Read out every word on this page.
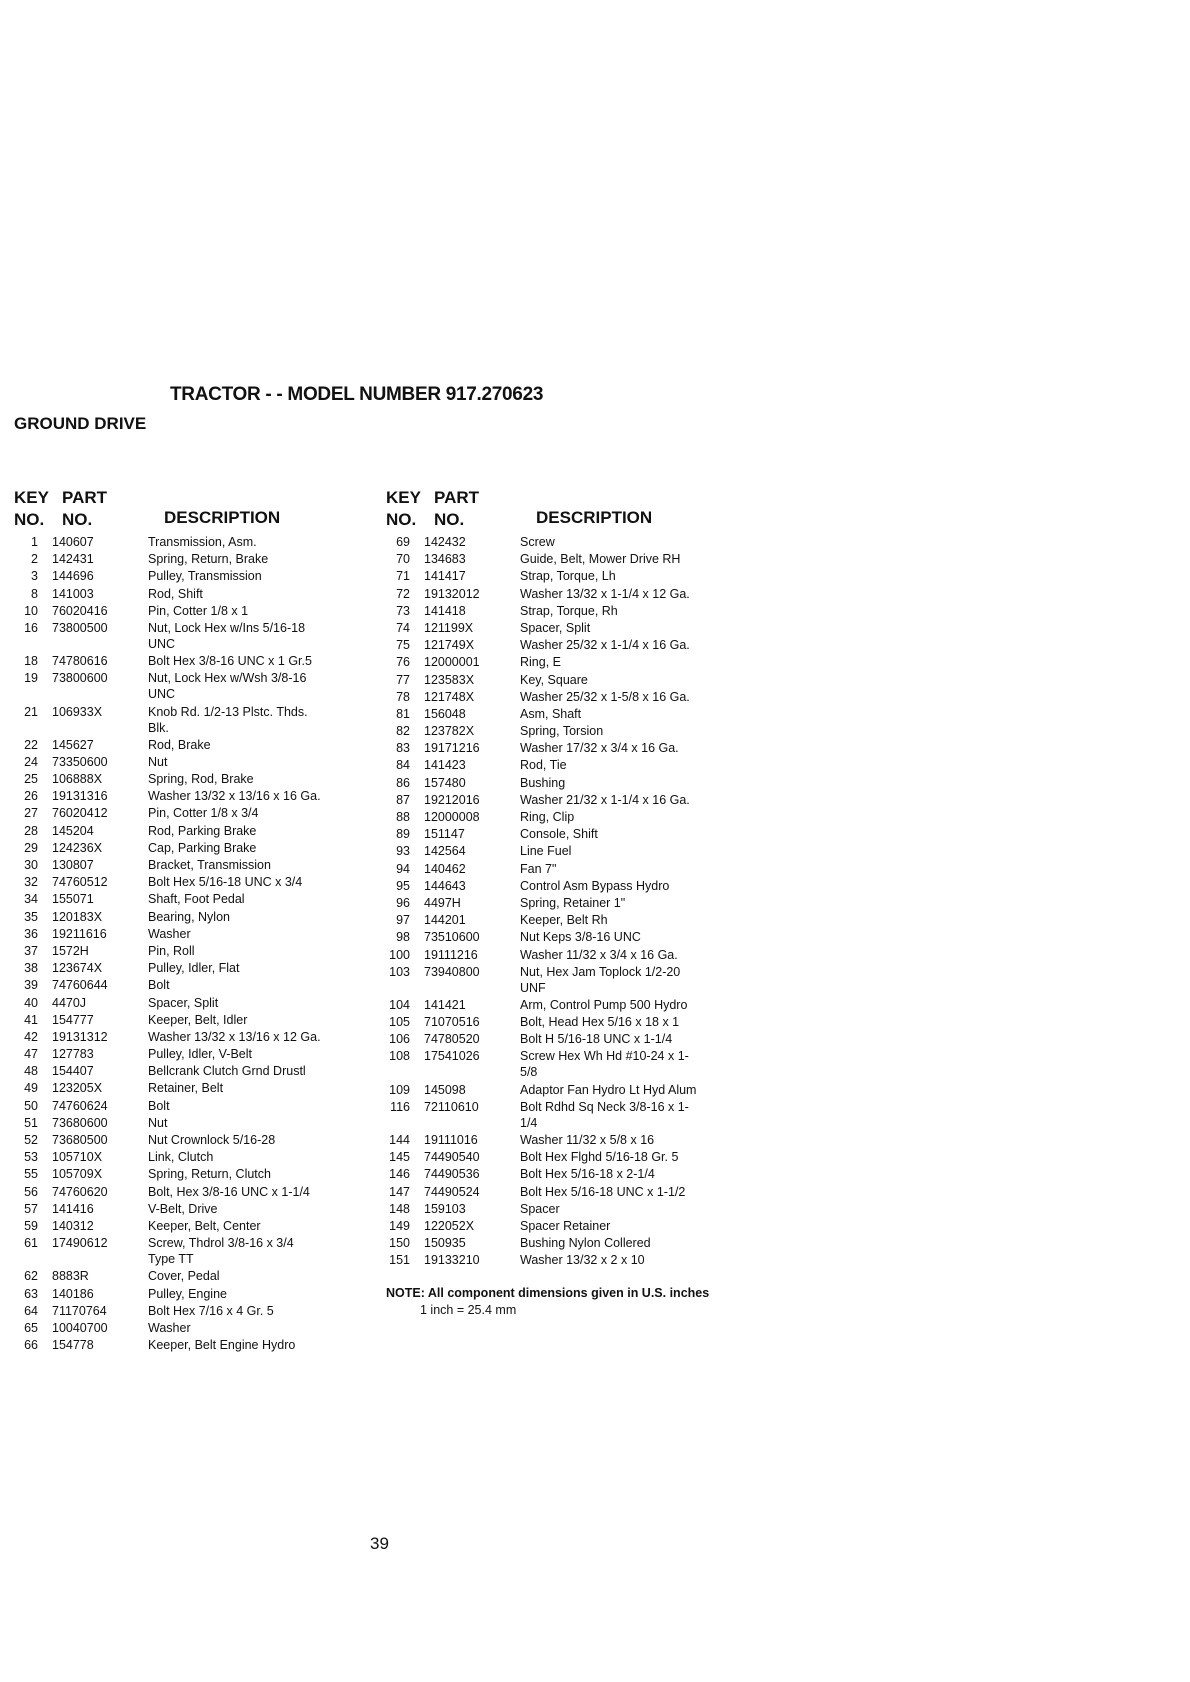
TRACTOR - - MODEL NUMBER 917.270623
GROUND DRIVE
KEY
NO.
PART
NO.	DESCRIPTION
1	140607	Transmission, Asm.
2	142431	Spring, Return, Brake
3	144696	Pulley, Transmission
8	141003	Rod, Shift
10	76020416	Pin, Cotter 1/8 x 1
16	73800500	Nut, Lock Hex w/Ins 5/16-18
UNC
18	74780616	Bolt Hex 3/8-16 UNC x 1 Gr.5
19	73800600	Nut, Lock Hex w/Wsh 3/8-16
UNC
21	106933X	Knob Rd. 1/2-13 Plstc. Thds.
Blk.
22	145627	Rod, Brake
24	73350600	Nut
25	106888X	Spring, Rod, Brake
26	19131316	Washer 13/32 x 13/16 x 16 Ga.
27	76020412	Pin, Cotter 1/8 x 3/4
28	145204	Rod, Parking Brake
29	124236X	Cap, Parking Brake
30	130807	Bracket, Transmission
32	74760512	Bolt Hex 5/16-18 UNC x 3/4
34	155071	Shaft, Foot Pedal
35	120183X	Bearing, Nylon
36	19211616	Washer
37	1572H	Pin, Roll
38	123674X	Pulley, Idler, Flat
39	74760644	Bolt
40	4470J	Spacer, Split
41	154777	Keeper, Belt, Idler
42	19131312	Washer 13/32 x 13/16 x 12 Ga.
47	127783	Pulley, Idler, V-Belt
48	154407	Bellcrank Clutch Grnd Drustl
49	123205X	Retainer, Belt
50	74760624	Bolt
51	73680600	Nut
52	73680500	Nut Crownlock 5/16-28
53	105710X	Link, Clutch
55	105709X	Spring, Return, Clutch
56	74760620	Bolt, Hex 3/8-16 UNC x 1-1/4
57	141416	V-Belt, Drive
59	140312	Keeper, Belt, Center
61	17490612	Screw, Thdrol 3/8-16 x 3/4
Type TT
62	8883R	Cover, Pedal
63	140186	Pulley, Engine
64	71170764	Bolt Hex 7/16 x 4 Gr. 5
65	10040700	Washer
66	154778	Keeper, Belt Engine Hydro
KEY
NO.
PART
NO.	DESCRIPTION
69	142432	Screw
70	134683	Guide, Belt, Mower Drive RH
71	141417	Strap, Torque, Lh
72	19132012	Washer 13/32 x 1-1/4 x 12 Ga.
73	141418	Strap, Torque, Rh
74	121199X	Spacer, Split
75	121749X	Washer 25/32 x 1-1/4 x 16 Ga.
76	12000001	Ring, E
77	123583X	Key, Square
78	121748X	Washer 25/32 x 1-5/8 x 16 Ga.
81	156048	Asm, Shaft
82	123782X	Spring, Torsion
83	19171216	Washer 17/32 x 3/4 x 16 Ga.
84	141423	Rod, Tie
86	157480	Bushing
87	19212016	Washer 21/32 x 1-1/4 x 16 Ga.
88	12000008	Ring, Clip
89	151147	Console, Shift
93	142564	Line Fuel
94	140462	Fan 7"
95	144643	Control Asm Bypass Hydro
96	4497H	Spring, Retainer 1"
97	144201	Keeper, Belt Rh
98	73510600	Nut Keps 3/8-16 UNC
100	19111216	Washer 11/32 x 3/4 x 16 Ga.
103	73940800	Nut, Hex Jam Toplock 1/2-20
UNF
104	141421	Arm, Control Pump 500 Hydro
105	71070516	Bolt, Head Hex 5/16 x 18 x 1
106	74780520	Bolt H 5/16-18 UNC x 1-1/4
108	17541026	Screw Hex Wh Hd #10-24 x 1-
5/8
109	145098	Adaptor Fan Hydro Lt Hyd Alum
116	72110610	Bolt Rdhd Sq Neck 3/8-16 x 1-
1/4
144	19111016	Washer 11/32 x 5/8 x 16
145	74490540	Bolt Hex Flghd 5/16-18 Gr. 5
146	74490536	Bolt Hex 5/16-18 x 2-1/4
147	74490524	Bolt Hex 5/16-18 UNC x 1-1/2
148	159103	Spacer
149	122052X	Spacer Retainer
150	150935	Bushing Nylon Collered
151	19133210	Washer 13/32 x 2 x 10
NOTE: All component dimensions given in U.S. inches
1 inch = 25.4 mm
39
